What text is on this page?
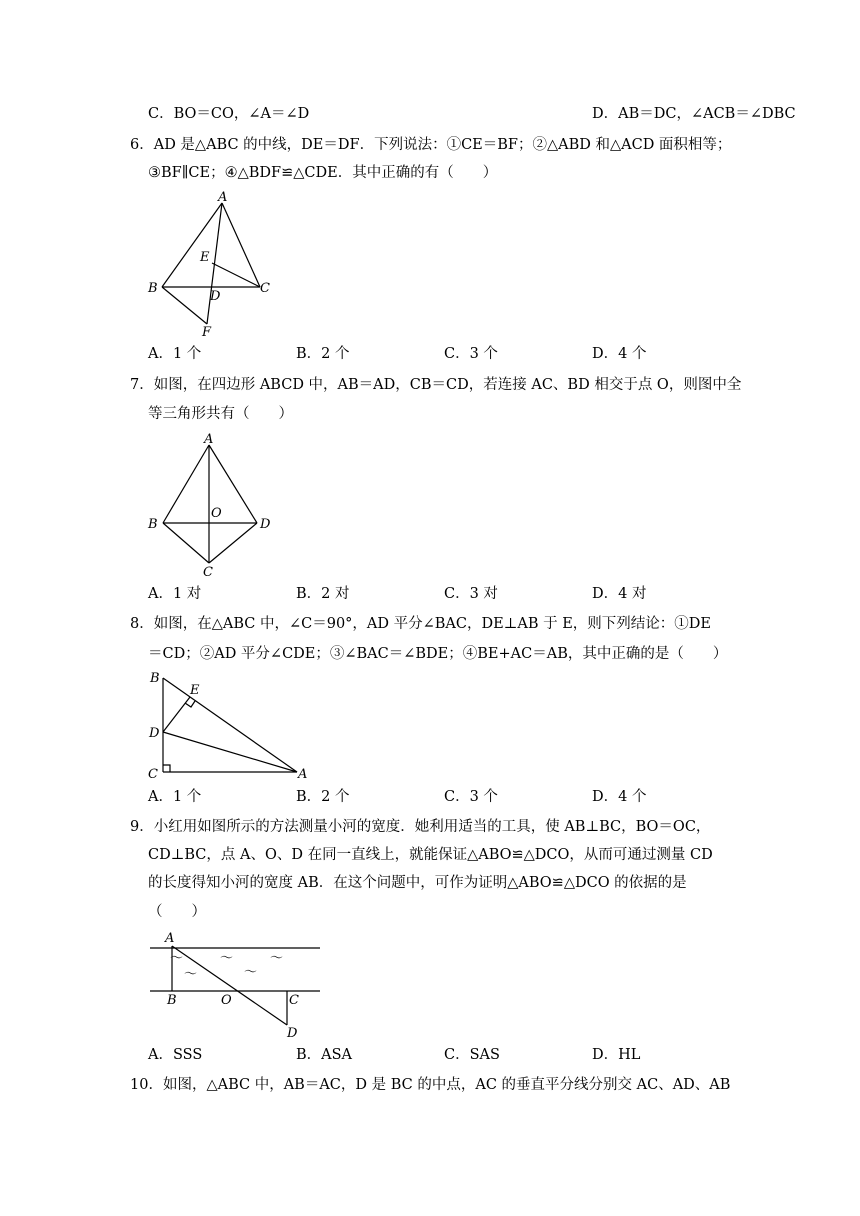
C．BO＝CO，∠A＝∠D	D．AB＝DC，∠ACB＝∠DBC
6．AD 是△ABC 的中线，DE＝DF．下列说法：①CE＝BF；②△ABD 和△ACD 面积相等；
③BF∥CE；④△BDF≌△CDE．其中正确的有（　　）
A
E
B
D
C
F
A．1 个	B．2 个	C．3 个	D．4 个
7．如图，在四边形 ABCD 中，AB＝AD，CB＝CD，若连接 AC、BD 相交于点 O，则图中全
等三角形共有（　　）
A
B
O
D
C
A．1 对	B．2 对	C．3 对	D．4 对
8．如图，在△ABC 中，∠C＝90°，AD 平分∠BAC，DE⊥AB 于 E，则下列结论：①DE
＝CD；②AD 平分∠CDE；③∠BAC＝∠BDE；④BE+AC＝AB，其中正确的是（　　）
B
E
D
C	A
A．1 个	B．2 个	C．3 个	D．4 个
9．小红用如图所示的方法测量小河的宽度．她利用适当的工具，使 AB⊥BC，BO＝OC，
CD⊥BC，点 A、O、D 在同一直线上，就能保证△ABO≌△DCO，从而可通过测量 CD
的长度得知小河的宽度 AB．在这个问题中，可作为证明△ABO≌△DCO 的依据的是
（　　）
A
B	O	C
D
～	～	～
～	～
A．SSS	B．ASA	C．SAS	D．HL
10．如图，△ABC 中，AB＝AC，D 是 BC 的中点，AC 的垂直平分线分别交 AC、AD、AB
